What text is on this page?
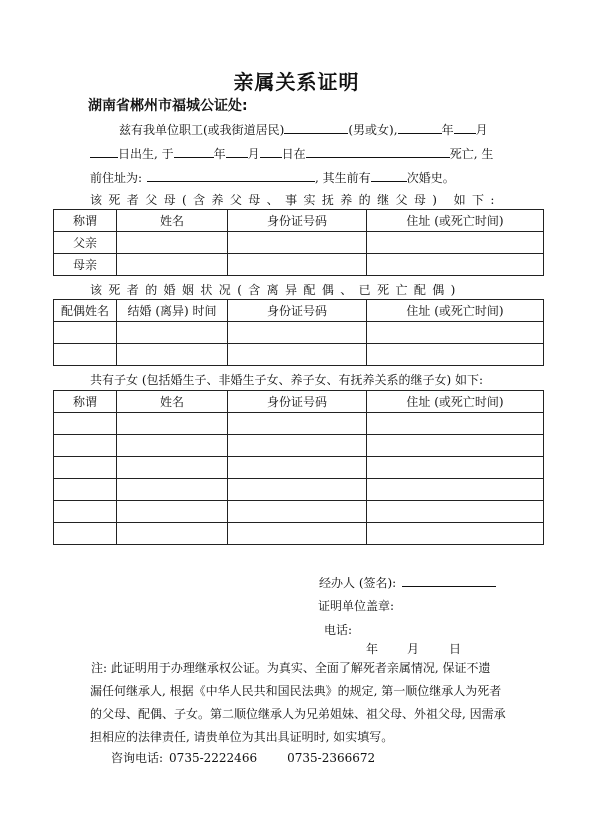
亲属关系证明
湖南省郴州市福城公证处:
兹有我单位职工(或我街道居民)	(男或女),	年 月
日出生, 于	年 月 日在	死亡, 生
前住址为:	, 其生前有	次婚史。
该死者父母(含养父母、事实抚养的继父母) 如下:
称谓	姓名	身份证号码	住址 (或死亡时间)
父亲			
母亲			
该死者的婚姻状况(含离异配偶、已死亡配偶)
配偶姓名	结婚 (离异) 时间	身份证号码	住址 (或死亡时间)

共有子女 (包括婚生子、非婚生子女、养子女、有抚养关系的继子女) 如下:
称谓	姓名	身份证号码	住址 (或死亡时间)

经办人 (签名):
证明单位盖章:
电话:
年 月 日
注: 此证明用于办理继承权公证。为真实、全面了解死者亲属情况, 保证不遗
漏任何继承人, 根据《中华人民共和国民法典》的规定, 第一顺位继承人为死者
的父母、配偶、子女。第二顺位继承人为兄弟姐妹、祖父母、外祖父母, 因需承
担相应的法律责任, 请贵单位为其出具证明时, 如实填写。
咨询电话: 0735-2222466	0735-2366672
